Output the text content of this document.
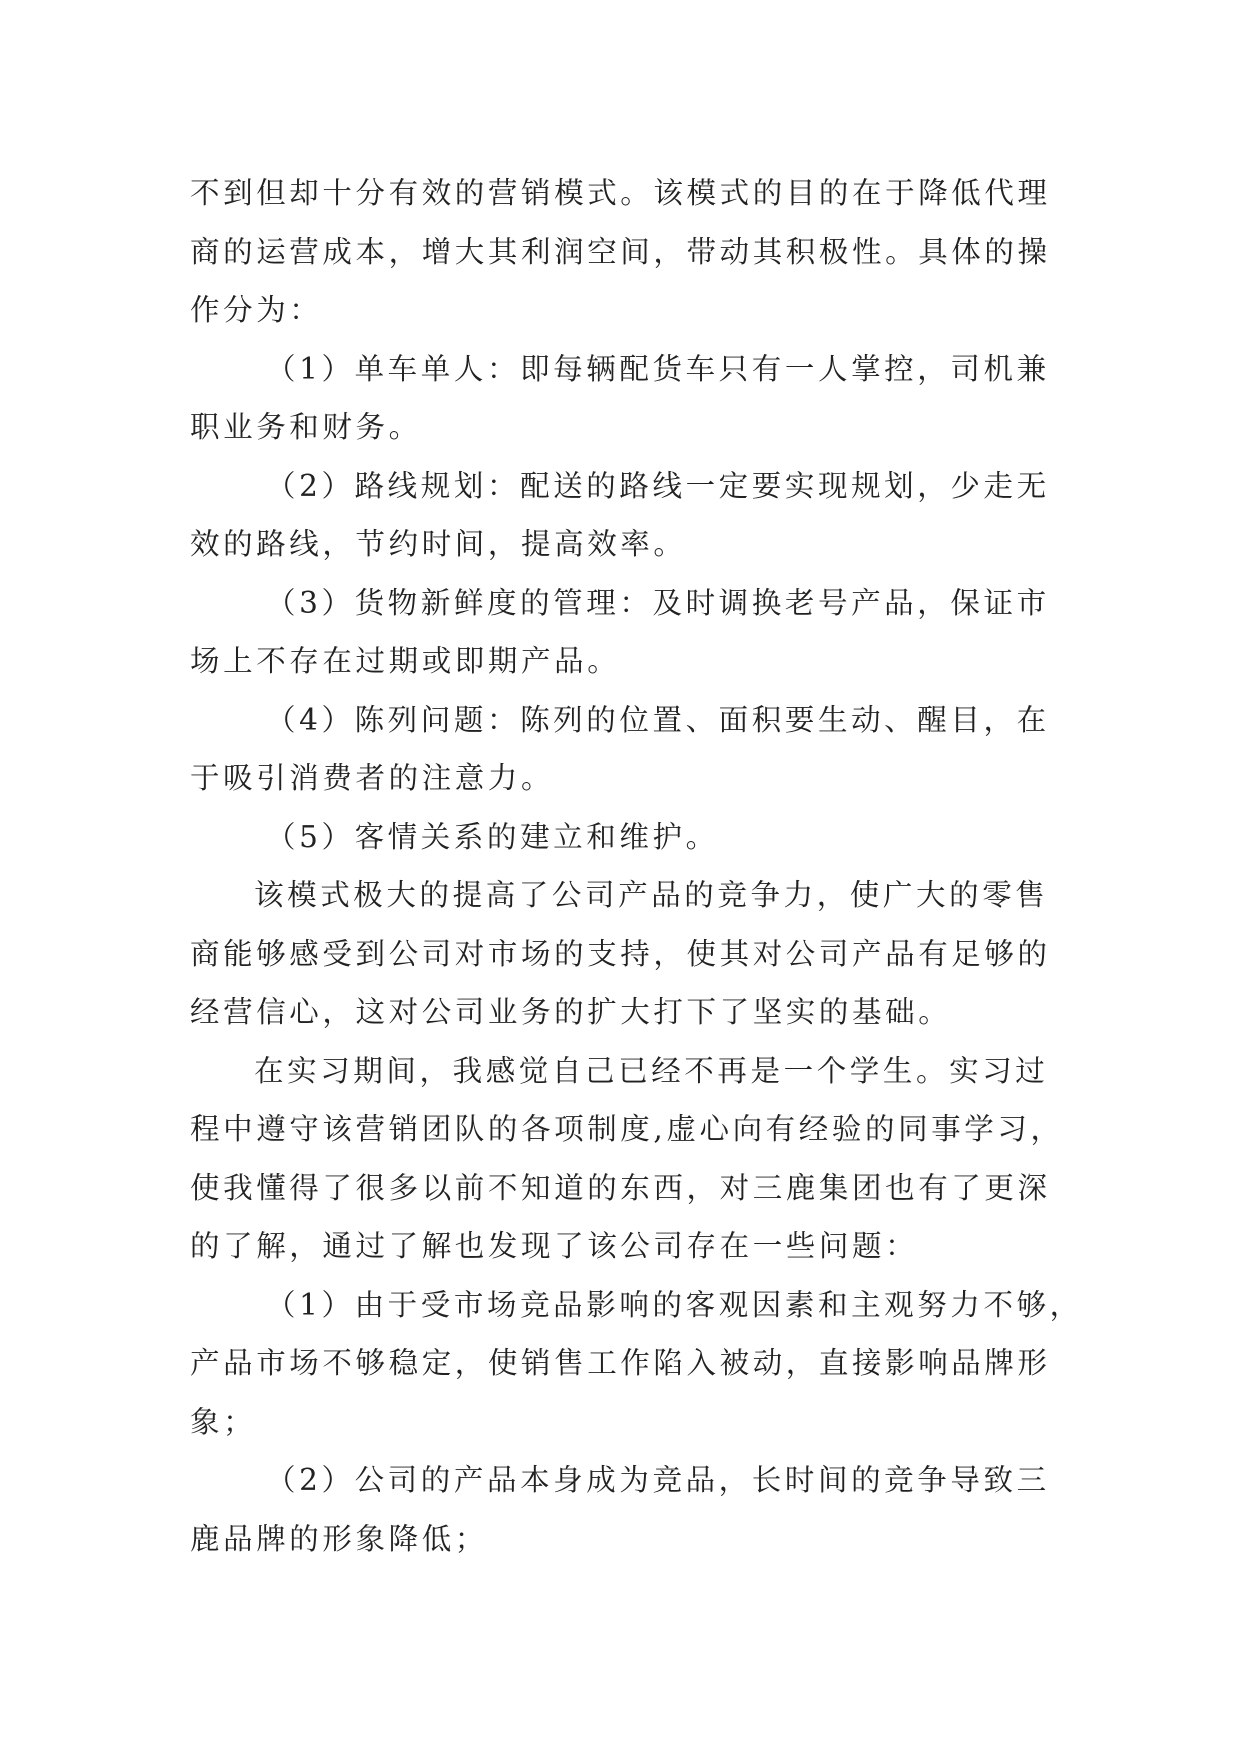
不到但却十分有效的营销模式。该模式的目的在于降低代理
商的运营成本，增大其利润空间，带动其积极性。具体的操
作分为：
（1）单车单人：即每辆配货车只有一人掌控，司机兼
职业务和财务。
（2）路线规划：配送的路线一定要实现规划，少走无
效的路线，节约时间，提高效率。
（3）货物新鲜度的管理：及时调换老号产品，保证市
场上不存在过期或即期产品。
（4）陈列问题：陈列的位置、面积要生动、醒目，在
于吸引消费者的注意力。
（5）客情关系的建立和维护。
该模式极大的提高了公司产品的竞争力，使广大的零售
商能够感受到公司对市场的支持，使其对公司产品有足够的
经营信心，这对公司业务的扩大打下了坚实的基础。
在实习期间，我感觉自己已经不再是一个学生。实习过
程中遵守该营销团队的各项制度,虚心向有经验的同事学习，
使我懂得了很多以前不知道的东西，对三鹿集团也有了更深
的了解，通过了解也发现了该公司存在一些问题：
（1）由于受市场竞品影响的客观因素和主观努力不够，
产品市场不够稳定，使销售工作陷入被动，直接影响品牌形
象；
（2）公司的产品本身成为竞品，长时间的竞争导致三
鹿品牌的形象降低；
